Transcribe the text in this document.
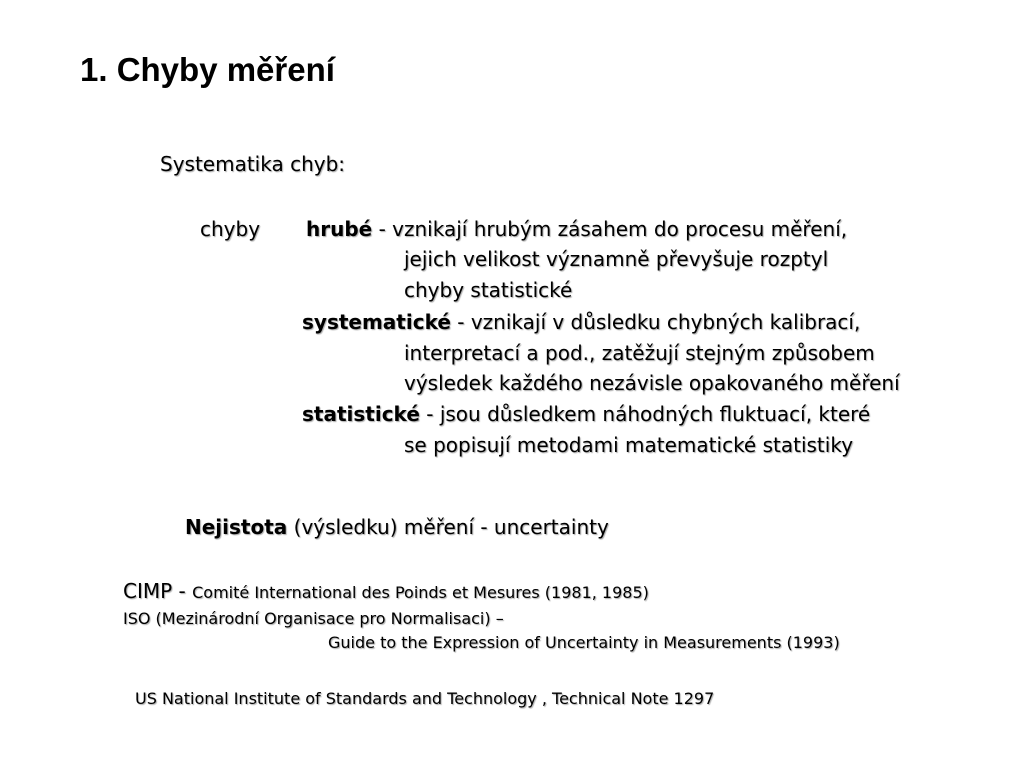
1. Chyby měření
Systematika chyb:
chyby hrubé - vznikají hrubým zásahem do procesu měření,
jejich velikost významně převyšuje rozptyl
chyby statistické
systematické - vznikají v důsledku chybných kalibrací,
interpretací a pod., zatěžují stejným způsobem
výsledek každého nezávisle opakovaného měření
statistické - jsou důsledkem náhodných fluktuací, které
se popisují metodami matematické statistiky
Nejistota (výsledku) měření - uncertainty
CIMP - Comité International des Poinds et Mesures (1981, 1985)
ISO (Mezinárodní Organisace pro Normalisaci) –
Guide to the Expression of Uncertainty in Measurements (1993)
US National Institute of Standards and Technology , Technical Note 1297
